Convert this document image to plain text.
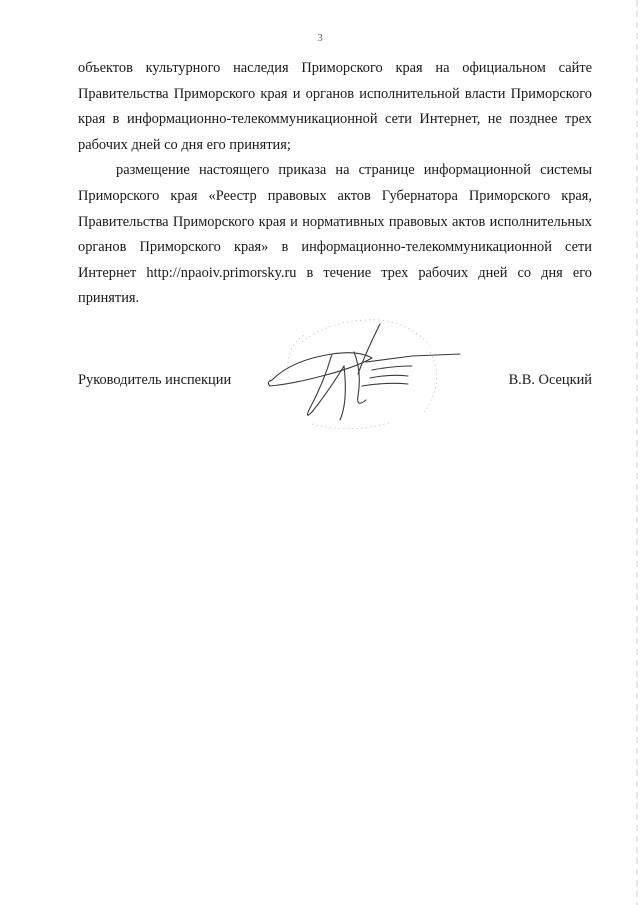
3

объектов культурного наследия Приморского края на официальном сайте Правительства Приморского края и органов исполнительной власти Приморского края в информационно-телекоммуникационной сети Интернет, не позднее трех рабочих дней со дня его принятия;

размещение настоящего приказа на странице информационной системы Приморского края «Реестр правовых актов Губернатора Приморского края, Правительства Приморского края и нормативных правовых актов исполнительных органов Приморского края» в информационно-телекоммуникационной сети Интернет http://npaoiv.primorsky.ru в течение трех рабочих дней со дня его принятия.

Руководитель инспекции	В.В. Осецкий
